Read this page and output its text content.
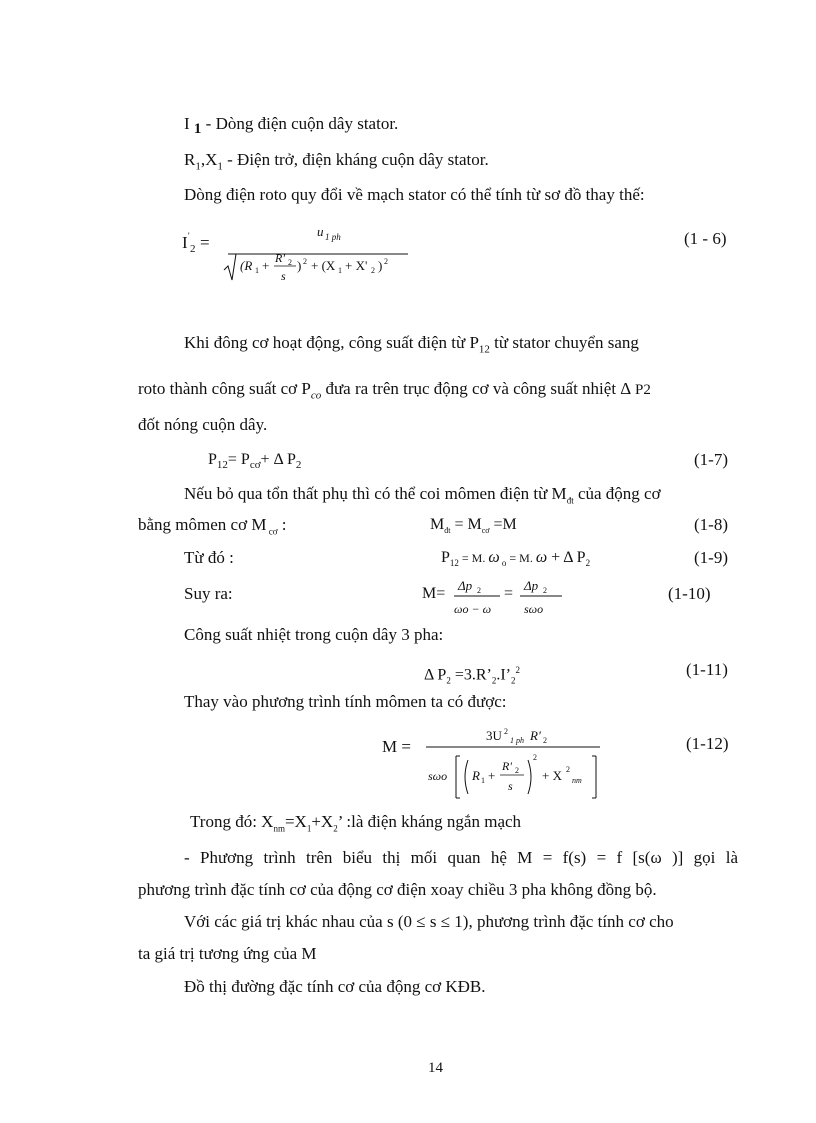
I 1 - Dòng điện cuộn dây stator.
$R_1,X_1$ - Điện trở, điện kháng cuộn dây stator.
Dòng điện roto quy đổi về mạch stator có thể tính từ sơ đồ thay thế:
I '
2 =
u 1 ph
(R 1 + R' 2
s
) 2 + (X 1 + X' 2 ) 2
(1 - 6)
Khi đông cơ hoạt động, công suất điện từ $P_{12}$ từ stator chuyển sang
roto thành công suất cơ $P_{co}$ đưa ra trên trục động cơ và công suất nhiệt Δ P2
đốt nóng cuộn dây.
$P_{12}= P_{cơ}+ \Delta$ $P_2$	(1-7)
Nếu bỏ qua tổn thất phụ thì có thể coi mômen điện từ $M_{đt}$ của động cơ
bằng mômen cơ M $_{cơ}$ :	$M_{đt} = M_{cơ} =M$	(1-8)
Từ đó :	$P_{12} = M$. ω $_o$ = M. ω + Δ $P_2$	(1-9)
Suy ra:	M= Δp 2
ωo − ω
= Δp 2
sωo
(1-10)
Công suất nhiệt trong cuộn dây 3 pha:
Δ $P_2$ $=3.R’_2.I’_2^2$	(1-11)
Thay vào phương trình tính mômen ta có được:
M =
3U 2
1 ph R' 2
sωo R 1 +
R' 2
s
2
+ X 2
nm
(1-12)
Trong đó: $X_{nm}=X_1+X_2$’ :là điện kháng ngắn mạch
- Phương trình trên biểu thị mối quan hệ M = f(s) = f [s(ω )] gọi là
phương trình đặc tính cơ của động cơ điện xoay chiều 3 pha không đồng bộ.
Với các giá trị khác nhau của s (0 ≤ s ≤ 1), phương trình đặc tính cơ cho
ta giá trị tương ứng của M
Đồ thị đường đặc tính cơ của động cơ KĐB.
14
